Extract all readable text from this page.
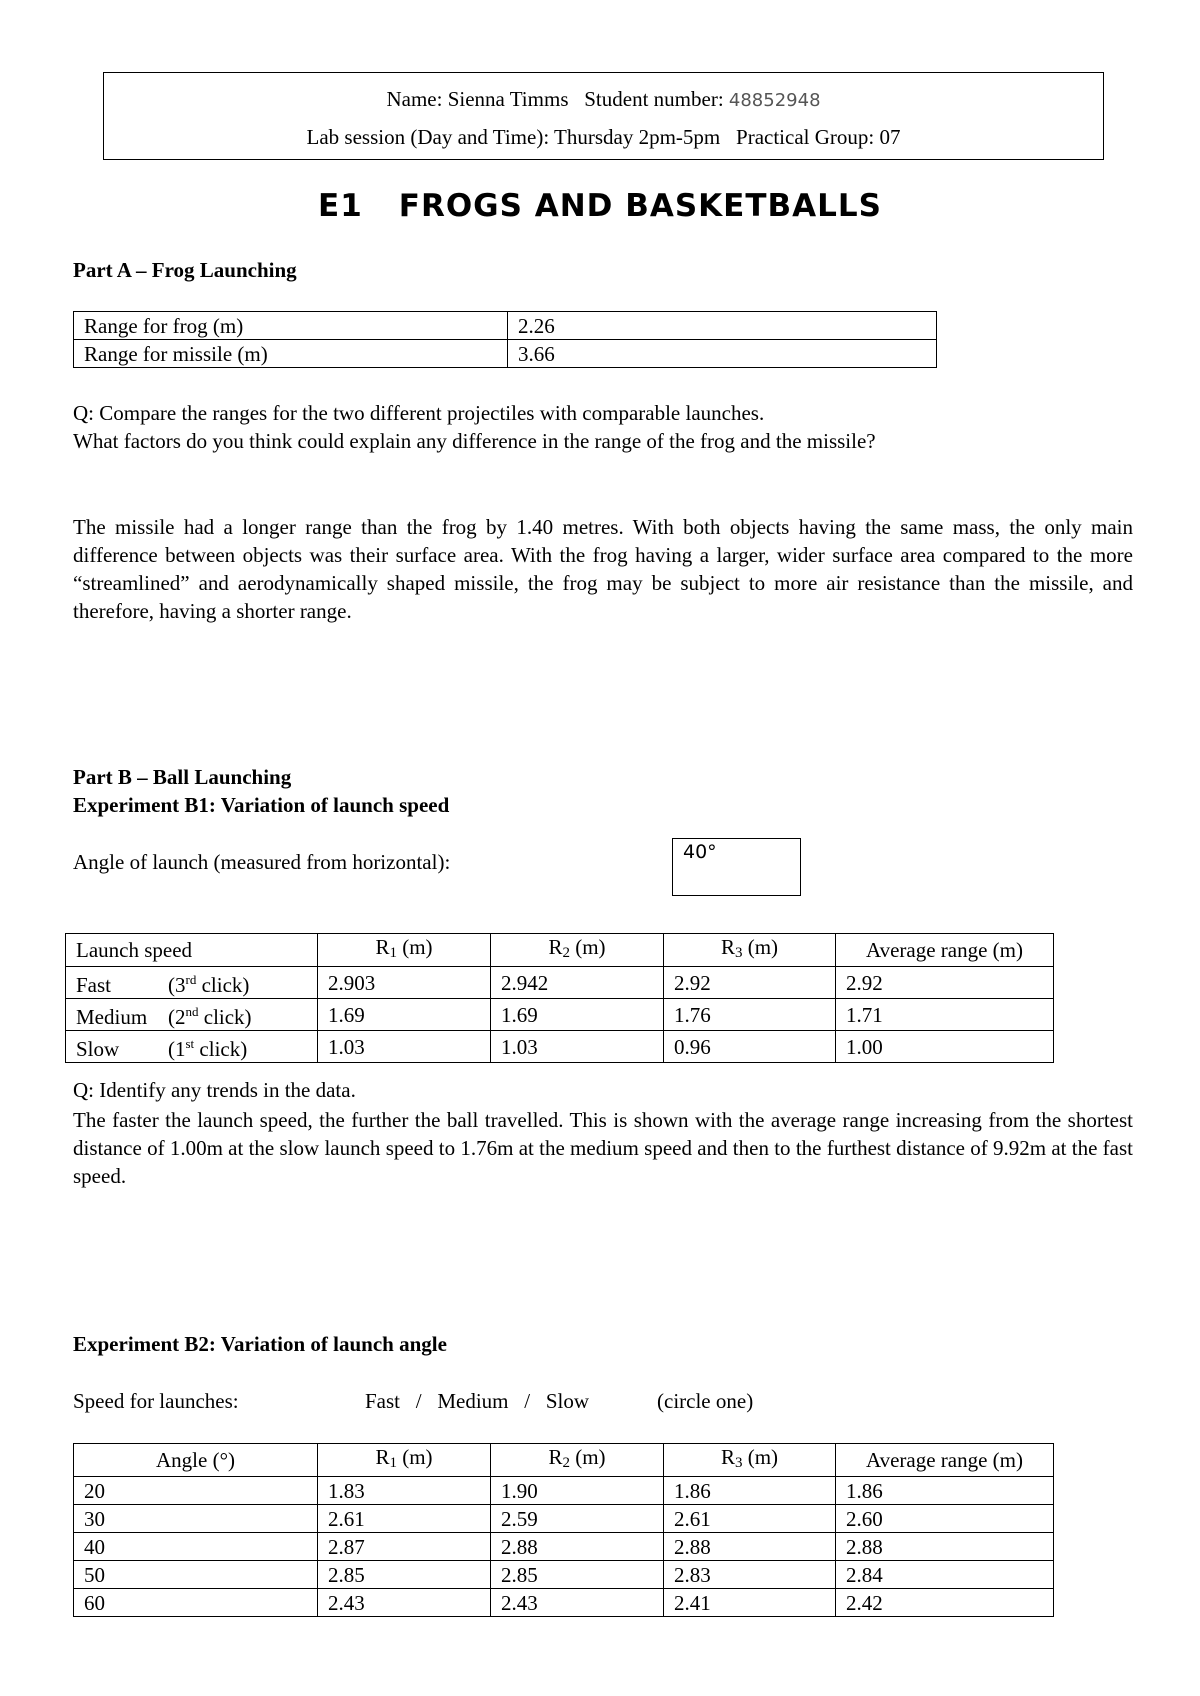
Name: Sienna Timms Student number: 48852948
Lab session (Day and Time): Thursday 2pm-5pm Practical Group: 07
E1 FROGS AND BASKETBALLS
Part A – Frog Launching
Range for frog (m)	2.26
Range for missile (m)	3.66
Q: Compare the ranges for the two different projectiles with comparable launches.
What factors do you think could explain any difference in the range of the frog and the missile?
The missile had a longer range than the frog by 1.40 metres. With both objects having the same mass, the only main difference between objects was their surface area. With the frog having a larger, wider surface area compared to the more “streamlined” and aerodynamically shaped missile, the frog may be subject to more air resistance than the missile, and therefore, having a shorter range.
Part B – Ball Launching
Experiment B1: Variation of launch speed
Angle of launch (measured from horizontal):	40°
Launch speed	$R_1$ (m)	$R_2$ (m)	$R_3$ (m)	Average range (m)
Fast (3rd click)	2.903	2.942	2.92	2.92
Medium (2nd click)	1.69	1.69	1.76	1.71
Slow (1st click)	1.03	1.03	0.96	1.00
Q: Identify any trends in the data.
The faster the launch speed, the further the ball travelled. This is shown with the average range increasing from the shortest distance of 1.00m at the slow launch speed to 1.76m at the medium speed and then to the furthest distance of 9.92m at the fast speed.
Experiment B2: Variation of launch angle
Speed for launches:	Fast   /   Medium   /   Slow	(circle one)
Angle (°)	$R_1$ (m)	$R_2$ (m)	$R_3$ (m)	Average range (m)
20	1.83	1.90	1.86	1.86
30	2.61	2.59	2.61	2.60
40	2.87	2.88	2.88	2.88
50	2.85	2.85	2.83	2.84
60	2.43	2.43	2.41	2.42
